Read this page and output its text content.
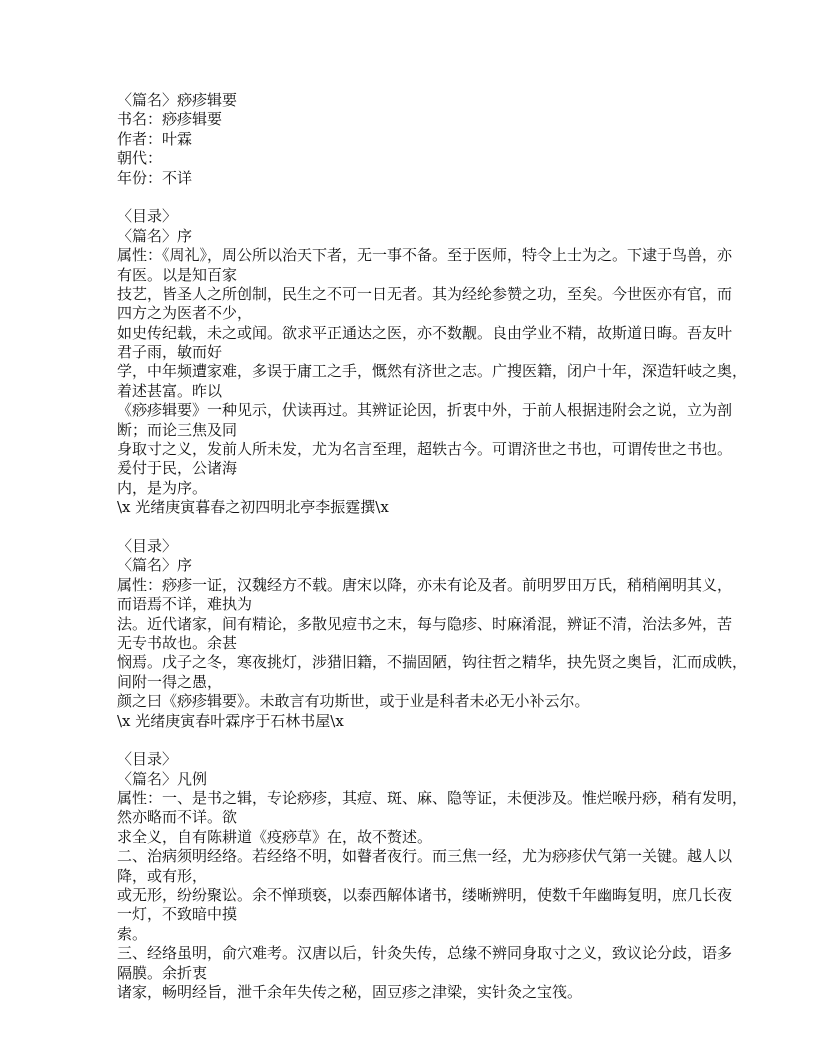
〈篇名〉痧疹辑要
书名：痧疹辑要
作者：叶霖
朝代：
年份：不详
〈目录〉
〈篇名〉序
属性：《周礼》，周公所以治天下者，无一事不备。至于医师，特令上士为之。下逮于鸟兽，亦
有医。以是知百家
技艺，皆圣人之所创制，民生之不可一日无者。其为经纶参赞之功，至矣。今世医亦有官，而
四方之为医者不少，
如史传纪载，未之或闻。欲求平正通达之医，亦不数觏。良由学业不精，故斯道日晦。吾友叶
君子雨，敏而好
学，中年频遭家难，多误于庸工之手，慨然有济世之志。广搜医籍，闭户十年，深造轩岐之奥，
着述甚富。昨以
《痧疹辑要》一种见示，伏读再过。其辨证论因，折衷中外，于前人根据违附会之说，立为剖
断；而论三焦及同
身取寸之义，发前人所未发，尤为名言至理，超轶古今。可谓济世之书也，可谓传世之书也。
爰付于民，公诸海
内，是为序。
\x 光绪庚寅暮春之初四明北亭李振霆撰\x
〈目录〉
〈篇名〉序
属性：痧疹一证，汉魏经方不载。唐宋以降，亦未有论及者。前明罗田万氏，稍稍阐明其义，
而语焉不详，难执为
法。近代诸家，间有精论，多散见痘书之末，每与隐疹、时麻淆混，辨证不清，治法多舛，苦
无专书故也。余甚
悯焉。戊子之冬，寒夜挑灯，涉猎旧籍，不揣固陋，钩往哲之精华，抉先贤之奥旨，汇而成帙，
间附一得之愚，
颜之曰《痧疹辑要》。未敢言有功斯世，或于业是科者未必无小补云尔。
\x 光绪庚寅春叶霖序于石林书屋\x
〈目录〉
〈篇名〉凡例
属性：一、是书之辑，专论痧疹，其痘、斑、麻、隐等证，未便涉及。惟烂喉丹痧，稍有发明，
然亦略而不详。欲
求全义，自有陈耕道《疫痧草》在，故不赘述。
二、治病须明经络。若经络不明，如瞽者夜行。而三焦一经，尤为痧疹伏气第一关键。越人以
降，或有形，
或无形，纷纷聚讼。余不惮琐亵，以泰西解体诸书，缕晰辨明，使数千年幽晦复明，庶几长夜
一灯，不致暗中摸
索。
三、经络虽明，俞穴难考。汉唐以后，针灸失传，总缘不辨同身取寸之义，致议论分歧，语多
隔膜。余折衷
诸家，畅明经旨，泄千余年失传之秘，固豆疹之津梁，实针灸之宝筏。
